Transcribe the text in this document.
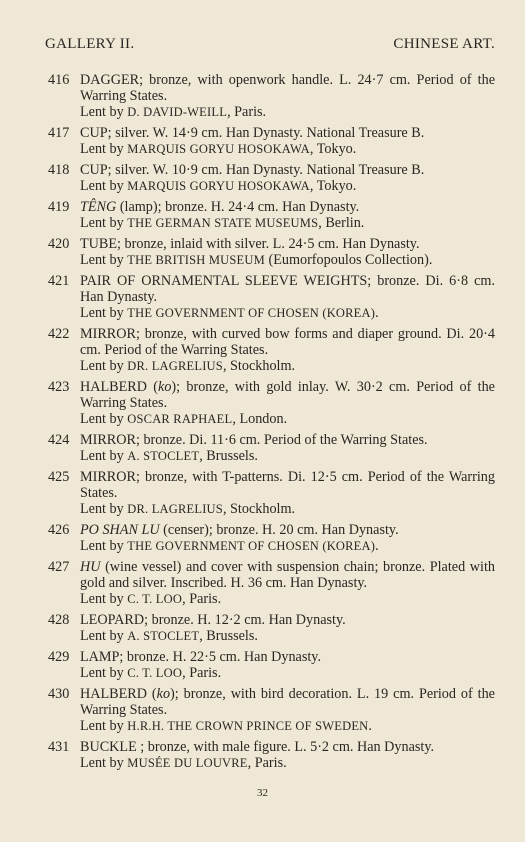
GALLERY II.	CHINESE ART.
416 DAGGER; bronze, with openwork handle. L. 24·7 cm. Period of the Warring States.
Lent by D. DAVID-WEILL, Paris.
417 CUP; silver. W. 14·9 cm. Han Dynasty. National Treasure B.
Lent by MARQUIS GORYU HOSOKAWA, Tokyo.
418 CUP; silver. W. 10·9 cm. Han Dynasty. National Treasure B.
Lent by MARQUIS GORYU HOSOKAWA, Tokyo.
419 TÊNG (lamp); bronze. H. 24·4 cm. Han Dynasty.
Lent by THE GERMAN STATE MUSEUMS, Berlin.
420 TUBE; bronze, inlaid with silver. L. 24·5 cm. Han Dynasty.
Lent by THE BRITISH MUSEUM (Eumorfopoulos Collection).
421 PAIR OF ORNAMENTAL SLEEVE WEIGHTS; bronze. Di. 6·8 cm. Han Dynasty.
Lent by THE GOVERNMENT OF CHOSEN (KOREA).
422 MIRROR; bronze, with curved bow forms and diaper ground. Di. 20·4 cm. Period of the Warring States.
Lent by DR. LAGRELIUS, Stockholm.
423 HALBERD (ko); bronze, with gold inlay. W. 30·2 cm. Period of the Warring States.
Lent by OSCAR RAPHAEL, London.
424 MIRROR; bronze. Di. 11·6 cm. Period of the Warring States.
Lent by A. STOCLET, Brussels.
425 MIRROR; bronze, with T-patterns. Di. 12·5 cm. Period of the Warring States.
Lent by DR. LAGRELIUS, Stockholm.
426 PO SHAN LU (censer); bronze. H. 20 cm. Han Dynasty.
Lent by THE GOVERNMENT OF CHOSEN (KOREA).
427 HU (wine vessel) and cover with suspension chain; bronze. Plated with gold and silver. Inscribed. H. 36 cm. Han Dynasty.
Lent by C. T. LOO, Paris.
428 LEOPARD; bronze. H. 12·2 cm. Han Dynasty.
Lent by A. STOCLET, Brussels.
429 LAMP; bronze. H. 22·5 cm. Han Dynasty.
Lent by C. T. LOO, Paris.
430 HALBERD (ko); bronze, with bird decoration. L. 19 cm. Period of the Warring States.
Lent by H.R.H. THE CROWN PRINCE OF SWEDEN.
431 BUCKLE ; bronze, with male figure. L. 5·2 cm. Han Dynasty.
Lent by MUSÉE DU LOUVRE, Paris.
32
